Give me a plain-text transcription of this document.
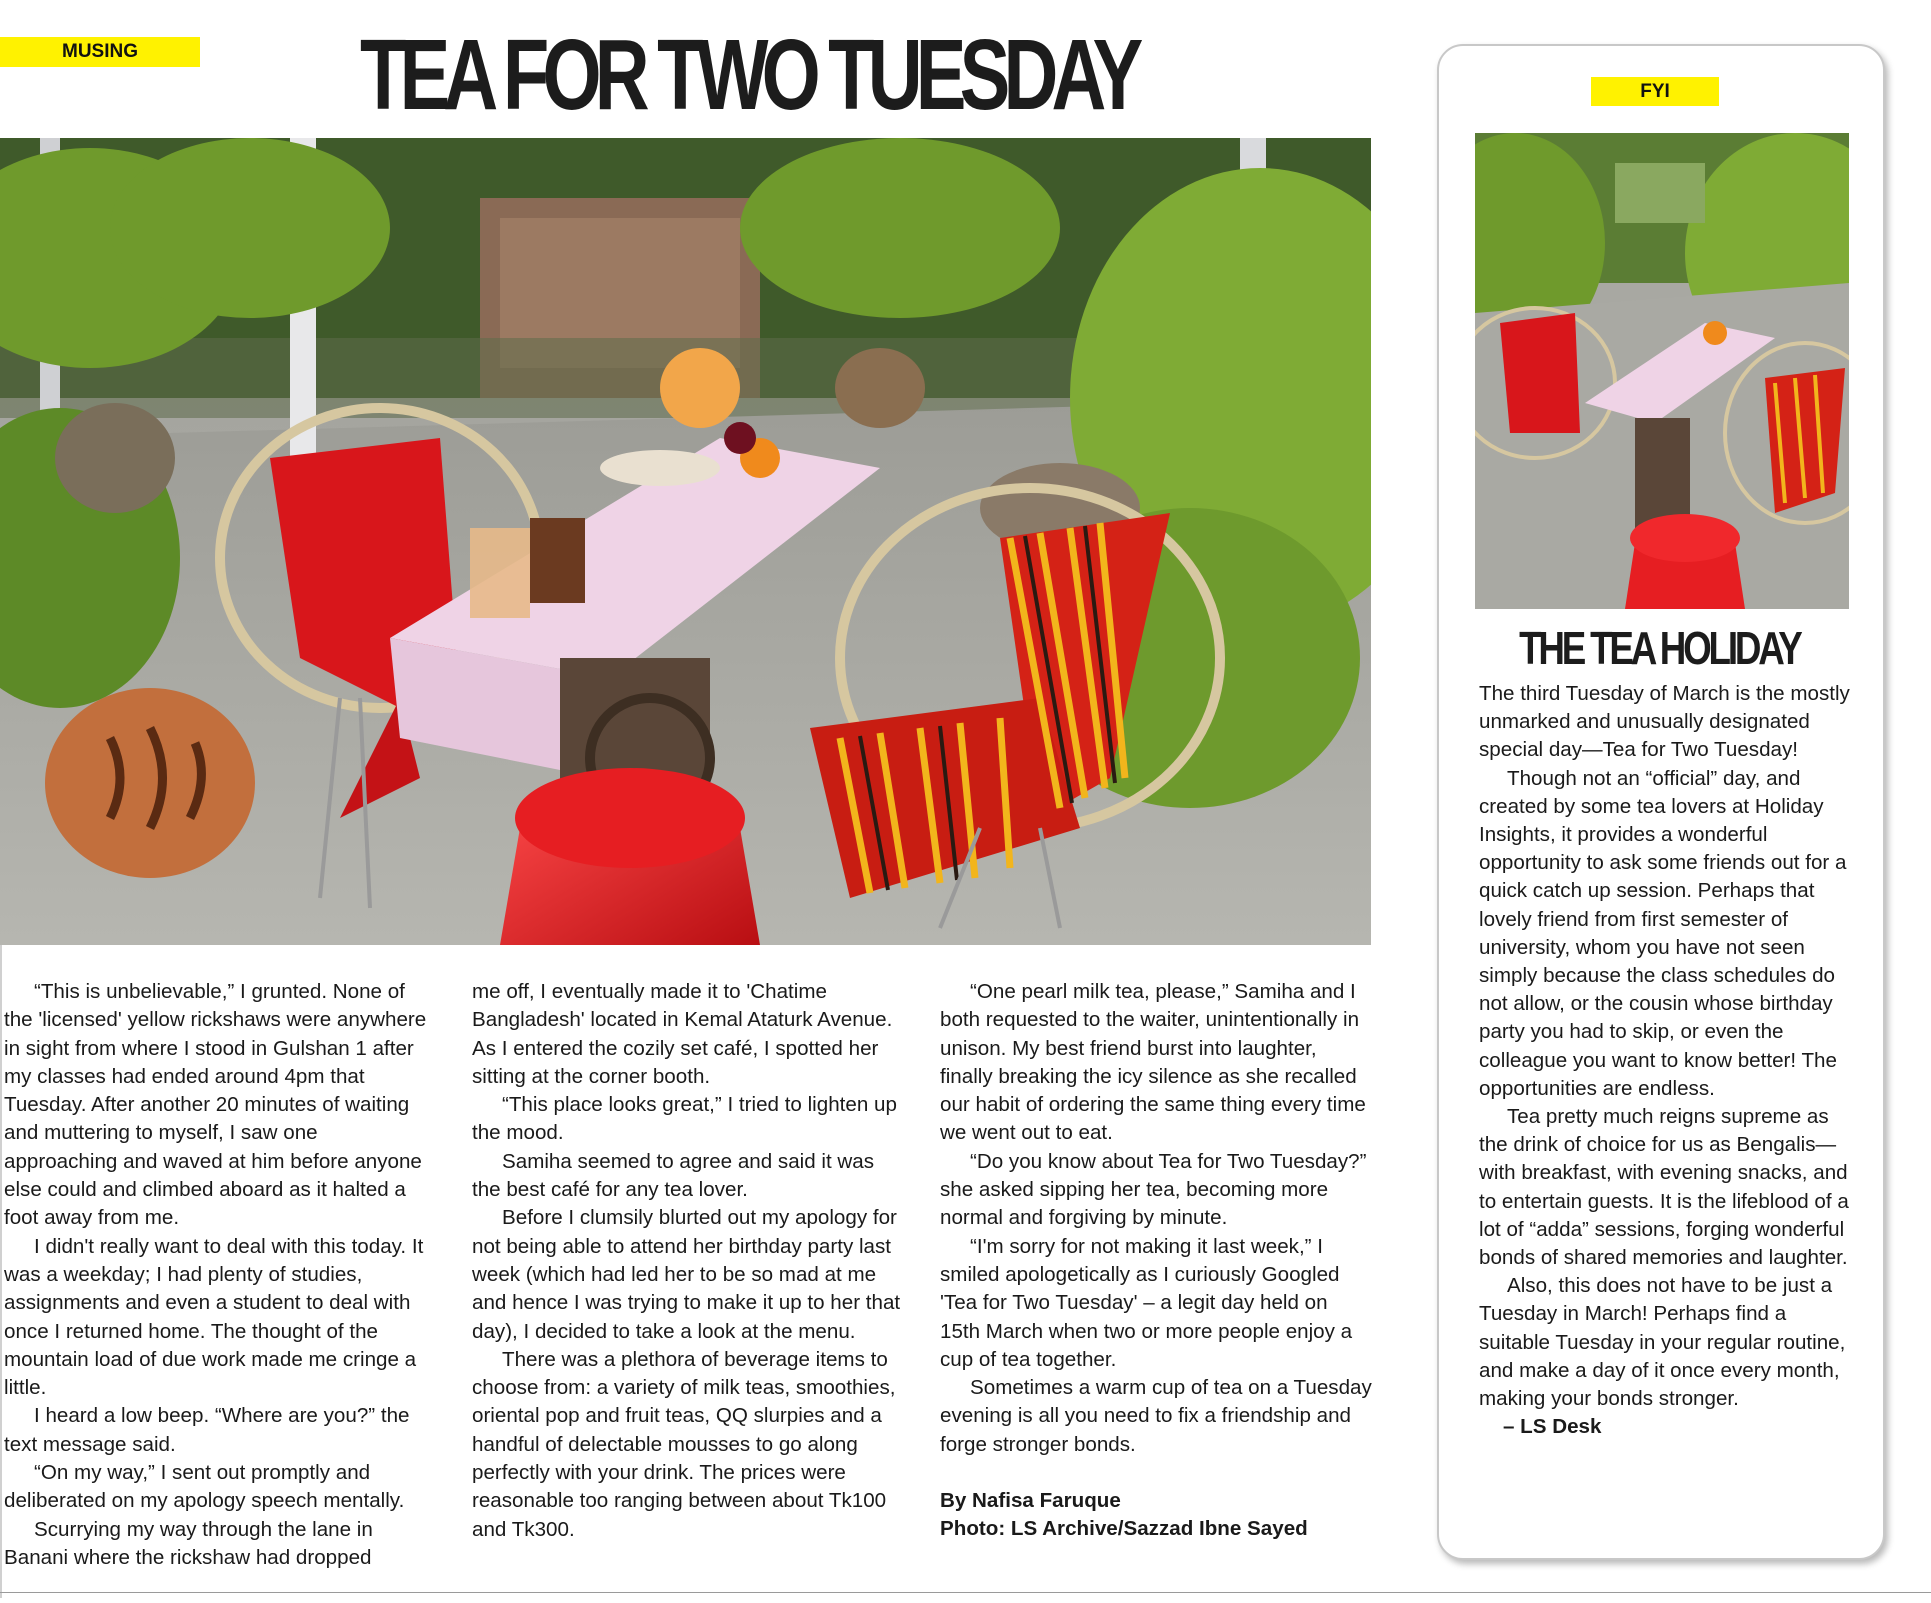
MUSING	TEA FOR TWO TUESDAY	FYI
THE TEA HOLIDAY

The third Tuesday of March is the mostly unmarked and unusually designated special day—Tea for Two Tuesday!

Though not an “official” day, and created by some tea lovers at Holiday Insights, it provides a wonderful opportunity to ask some friends out for a quick catch up session. Perhaps that lovely friend from first semester of university, whom you have not seen simply because the class schedules do not allow, or the cousin whose birthday party you had to skip, or even the colleague you want to know better! The opportunities are endless.

Tea pretty much reigns supreme as the drink of choice for us as Bengalis—with breakfast, with evening snacks, and to entertain guests. It is the lifeblood of a lot of “adda” sessions, forging wonderful bonds of shared memories and laughter.

Also, this does not have to be just a Tuesday in March! Perhaps find a suitable Tuesday in your regular routine, and make a day of it once every month, making your bonds stronger.

– LS Desk

“This is unbelievable,” I grunted. None of the 'licensed' yellow rickshaws were anywhere in sight from where I stood in Gulshan 1 after my classes had ended around 4pm that Tuesday. After another 20 minutes of waiting and muttering to myself, I saw one approaching and waved at him before anyone else could and climbed aboard as it halted a foot away from me.

I didn't really want to deal with this today. It was a weekday; I had plenty of studies, assignments and even a student to deal with once I returned home. The thought of the mountain load of due work made me cringe a little.

I heard a low beep. “Where are you?” the text message said.

“On my way,” I sent out promptly and deliberated on my apology speech mentally.

Scurrying my way through the lane in Banani where the rickshaw had dropped

me off, I eventually made it to 'Chatime Bangladesh' located in Kemal Ataturk Avenue. As I entered the cozily set café, I spotted her sitting at the corner booth.

“This place looks great,” I tried to lighten up the mood.

Samiha seemed to agree and said it was the best café for any tea lover.

Before I clumsily blurted out my apology for not being able to attend her birthday party last week (which had led her to be so mad at me and hence I was trying to make it up to her that day), I decided to take a look at the menu.

There was a plethora of beverage items to choose from: a variety of milk teas, smoothies, oriental pop and fruit teas, QQ slurpies and a handful of delectable mousses to go along perfectly with your drink. The prices were reasonable too ranging between about Tk100 and Tk300.

“One pearl milk tea, please,” Samiha and I both requested to the waiter, unintentionally in unison. My best friend burst into laughter, finally breaking the icy silence as she recalled our habit of ordering the same thing every time we went out to eat.

“Do you know about Tea for Two Tuesday?” she asked sipping her tea, becoming more normal and forgiving by minute.

“I'm sorry for not making it last week,” I smiled apologetically as I curiously Googled 'Tea for Two Tuesday' – a legit day held on 15th March when two or more people enjoy a cup of tea together.

Sometimes a warm cup of tea on a Tuesday evening is all you need to fix a friendship and forge stronger bonds.

By Nafisa Faruque
Photo: LS Archive/Sazzad Ibne Sayed
